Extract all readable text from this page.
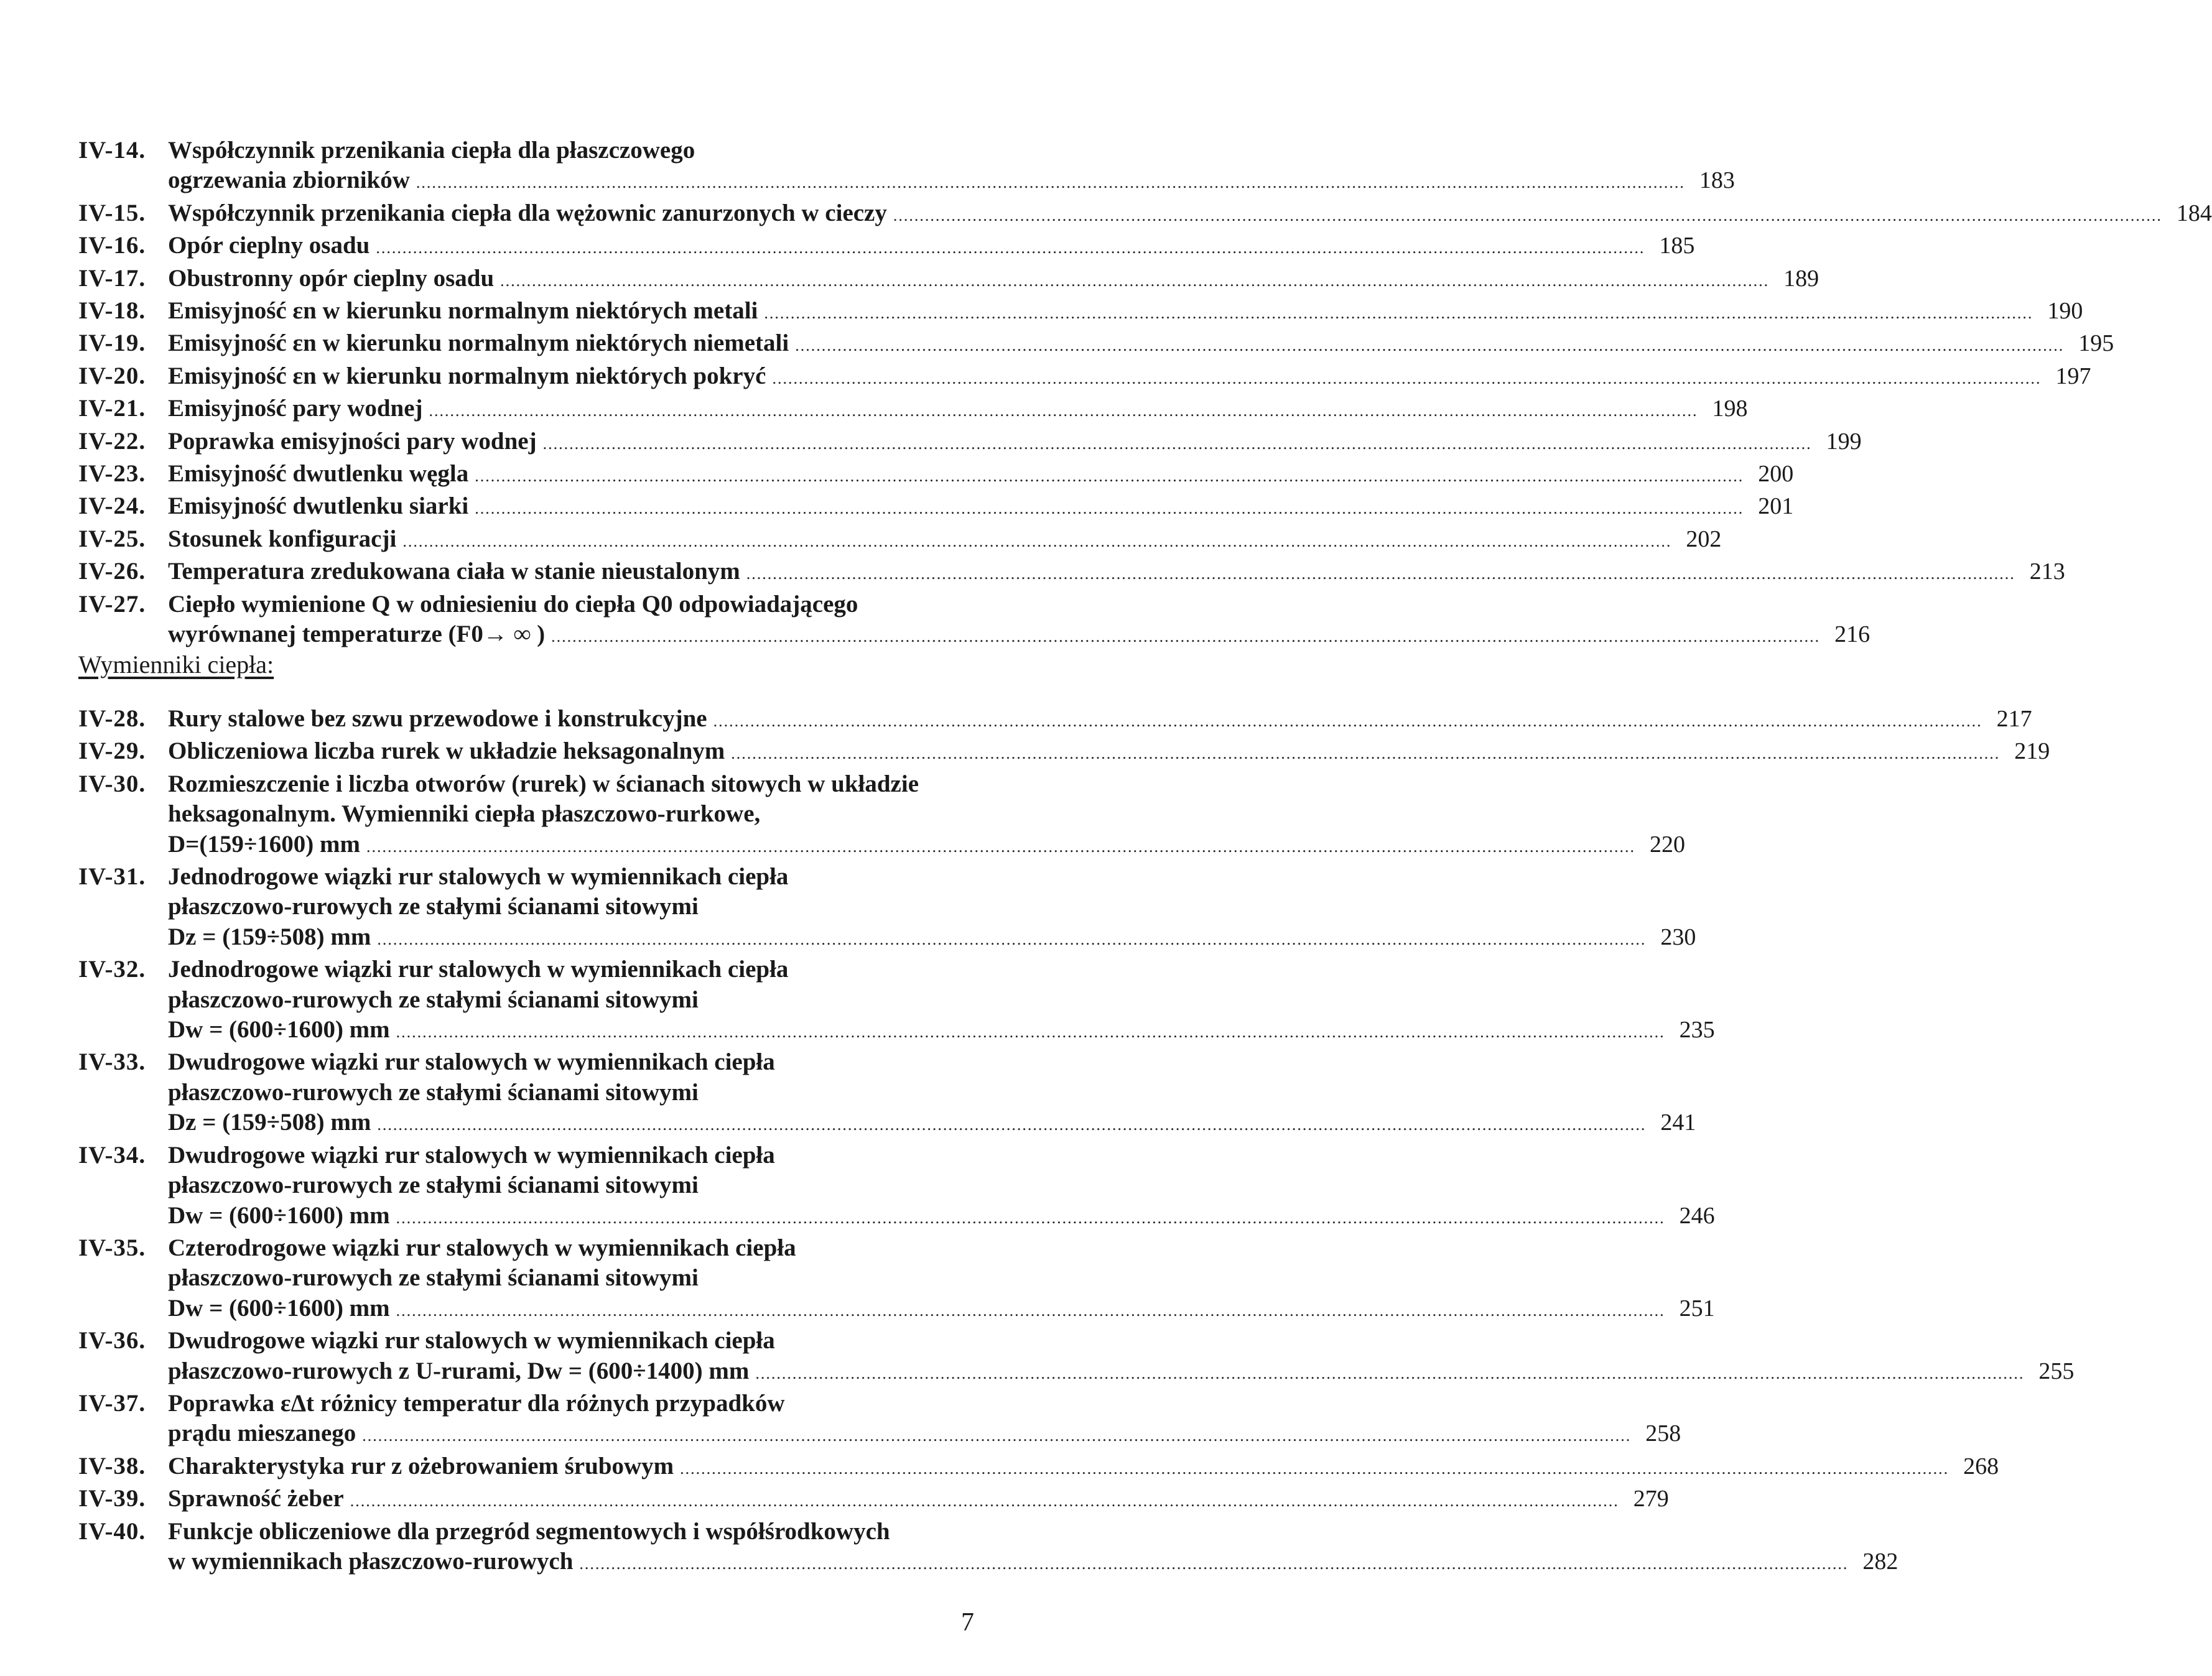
IV-14. Współczynnik przenikania ciepła dla płaszczowego
ogrzewania zbiorników .....	183
IV-15. Współczynnik przenikania ciepła dla wężownic zanurzonych w cieczy .....	184
IV-16. Opór cieplny osadu .....	185
IV-17. Obustronny opór cieplny osadu .....	189
IV-18. Emisyjność εn w kierunku normalnym niektórych metali .....	190
IV-19. Emisyjność εn w kierunku normalnym niektórych niemetali .....	195
IV-20. Emisyjność εn w kierunku normalnym niektórych pokryć .....	197
IV-21. Emisyjność pary wodnej .....	198
IV-22. Poprawka emisyjności pary wodnej .....	199
IV-23. Emisyjność dwutlenku węgla .....	200
IV-24. Emisyjność dwutlenku siarki .....	201
IV-25. Stosunek konfiguracji .....	202
IV-26. Temperatura zredukowana ciała w stanie nieustalonym .....	213
IV-27. Ciepło wymienione Q w odniesieniu do ciepła Q0 odpowiadającego
wyrównanej temperaturze (F0→ ∞ ) .....	216
Wymienniki ciepła:
IV-28. Rury stalowe bez szwu przewodowe i konstrukcyjne .....	217
IV-29. Obliczeniowa liczba rurek w układzie heksagonalnym .....	219
IV-30. Rozmieszczenie i liczba otworów (rurek) w ścianach sitowych w układzie
heksagonalnym. Wymienniki ciepła płaszczowo-rurkowe,
D=(159÷1600) mm .....	220
IV-31. Jednodrogowe wiązki rur stalowych w wymiennikach ciepła
płaszczowo-rurowych ze stałymi ścianami sitowymi
Dz = (159÷508) mm .....	230
IV-32. Jednodrogowe wiązki rur stalowych w wymiennikach ciepła
płaszczowo-rurowych ze stałymi ścianami sitowymi
Dw = (600÷1600) mm .....	235
IV-33. Dwudrogowe wiązki rur stalowych w wymiennikach ciepła
płaszczowo-rurowych ze stałymi ścianami sitowymi
Dz = (159÷508) mm .....	241
IV-34. Dwudrogowe wiązki rur stalowych w wymiennikach ciepła
płaszczowo-rurowych ze stałymi ścianami sitowymi
Dw = (600÷1600) mm .....	246
IV-35. Czterodrogowe wiązki rur stalowych w wymiennikach ciepła
płaszczowo-rurowych ze stałymi ścianami sitowymi
Dw = (600÷1600) mm .....	251
IV-36. Dwudrogowe wiązki rur stalowych w wymiennikach ciepła
płaszczowo-rurowych z U-rurami, Dw = (600÷1400) mm .....	255
IV-37. Poprawka εΔt różnicy temperatur dla różnych przypadków
prądu mieszanego .....	258
IV-38. Charakterystyka rur z ożebrowaniem śrubowym .....	268
IV-39. Sprawność żeber .....	279
IV-40. Funkcje obliczeniowe dla przegród segmentowych i współśrodkowych
w wymiennikach płaszczowo-rurowych .....	282
7
